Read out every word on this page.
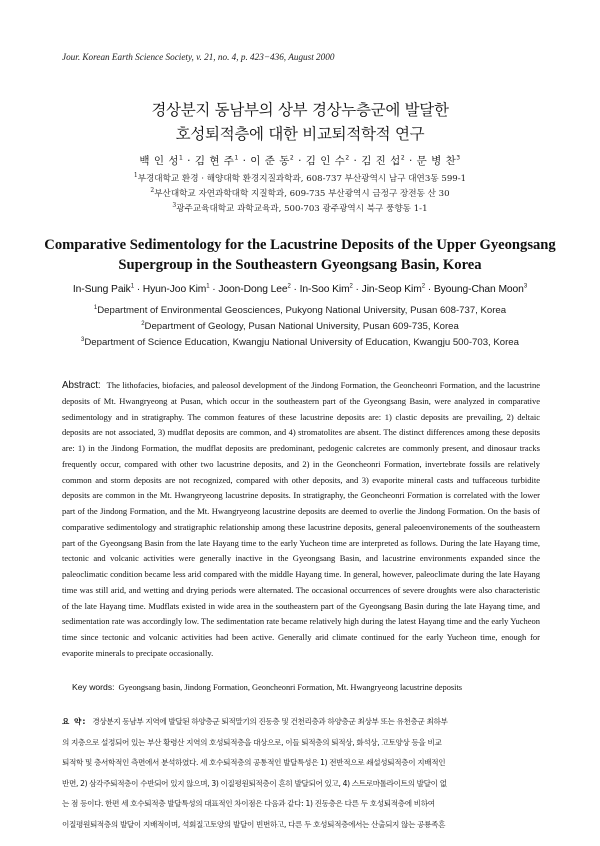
Jour. Korean Earth Science Society, v. 21, no. 4, p. 423−436, August 2000
경상분지 동남부의 상부 경상누층군에 발달한
호성퇴적층에 대한 비교퇴적학적 연구
백 인 성$^1$ · 김 현 주$^1$ · 이 준 동$^2$ · 김 인 수$^2$ · 김 진 섭$^2$ · 문 병 찬$^3$
$^1$부경대학교 환경 · 해양대학 환경지질과학과, 608-737 부산광역시 남구 대연3동 599-1
$^2$부산대학교 자연과학대학 지질학과, 609-735 부산광역시 금정구 장전동 산 30
$^3$광주교육대학교 과학교육과, 500-703 광주광역시 북구 풍향동 1-1
Comparative Sedimentology for the Lacustrine Deposits of the Upper Gyeongsang
Supergroup in the Southeastern Gyeongsang Basin, Korea
In-Sung Paik$^1$ · Hyun-Joo Kim$^1$ · Joon-Dong Lee$^2$ · In-Soo Kim$^2$ · Jin-Seop Kim$^2$ · Byoung-Chan Moon$^3$
$^1$Department of Environmental Geosciences, Pukyong National University, Pusan 608-737, Korea
$^2$Department of Geology, Pusan National University, Pusan 609-735, Korea
$^3$Department of Science Education, Kwangju National University of Education, Kwangju 500-703, Korea
Abstract: The lithofacies, biofacies, and paleosol development of the Jindong Formation, the Geoncheonri Formation, and the lacustrine deposits of Mt. Hwangryeong at Pusan, which occur in the southeastern part of the Gyeongsang Basin, were analyzed in comparative sedimentology and in stratigraphy. The common features of these lacustrine deposits are: 1) clastic deposits are prevailing, 2) deltaic deposits are not associated, 3) mudflat deposits are common, and 4) stromatolites are absent. The distinct differences among these deposits are: 1) in the Jindong Formation, the mudflat deposits are predominant, pedogenic calcretes are commonly present, and dinosaur tracks frequently occur, compared with other two lacustrine deposits, and 2) in the Geoncheonri Formation, invertebrate fossils are relatively common and storm deposits are not recognized, compared with other deposits, and 3) evaporite mineral casts and tuffaceous turbidite deposits are common in the Mt. Hwangryeong lacustrine deposits. In stratigraphy, the Geoncheonri Formation is correlated with the lower part of the Jindong Formation, and the Mt. Hwangryeong lacustrine deposits are deemed to overlie the Jindong Formation. On the basis of comparative sedimentology and stratigraphic relationship among these lacustrine deposits, general paleoenvironements of the southeastern part of the Gyeongsang Basin from the late Hayang time to the early Yucheon time are interpreted as follows. During the late Hayang time, tectonic and volcanic activities were generally inactive in the Gyeongsang Basin, and lacustrine environments expanded since the paleoclimatic condition became less arid compared with the middle Hayang time. In general, however, paleoclimate during the late Hayang time was still arid, and wetting and drying periods were alternated. The occasional occurrences of severe droughts were also characteristic of the late Hayang time. Mudflats existed in wide area in the southeastern part of the Gyeongsang Basin during the late Hayang time, and sedimentation rate was accordingly low. The sedimentation rate became relatively high during the latest Hayang time and the early Yucheon time since tectonic and volcanic activities had been active. Generally arid climate continued for the early Yucheon time, enough for evaporite minerals to precipate occasionally.
Key words: Gyeongsang basin, Jindong Formation, Geoncheonri Formation, Mt. Hwangryeong lacustrine deposits
요 약: 경상분지 동남부 지역에 발달된 하양층군 퇴적말기의 진동층 및 건천리층과 하양층군 최상부 또는 유천층군 최하부
의 지층으로 설정되어 있는 부산 황령산 지역의 호성퇴적층을 대상으로, 이들 퇴적층의 퇴적상, 화석상, 고토양상 등을 비교
퇴적학 및 층서학적인 측면에서 분석하였다. 세 호수퇴적층의 공통적인 발달특성은 1) 전반적으로 쇄설성퇴적층이 지배적인
반면, 2) 삼각주퇴적층이 수반되어 있지 않으며, 3) 이질평원퇴적층이 흔히 발달되어 있고, 4) 스트로마톨라이트의 발달이 없
는 점 등이다. 한편 세 호수퇴적층 발달특성의 대표적인 차이점은 다음과 같다: 1) 진동층은 다른 두 호성퇴적층에 비하여
이질평원퇴적층의 발달이 지배적이며, 석회질고토양의 발달이 빈번하고, 다른 두 호성퇴적층에서는 산출되지 않는 공룡족흔
